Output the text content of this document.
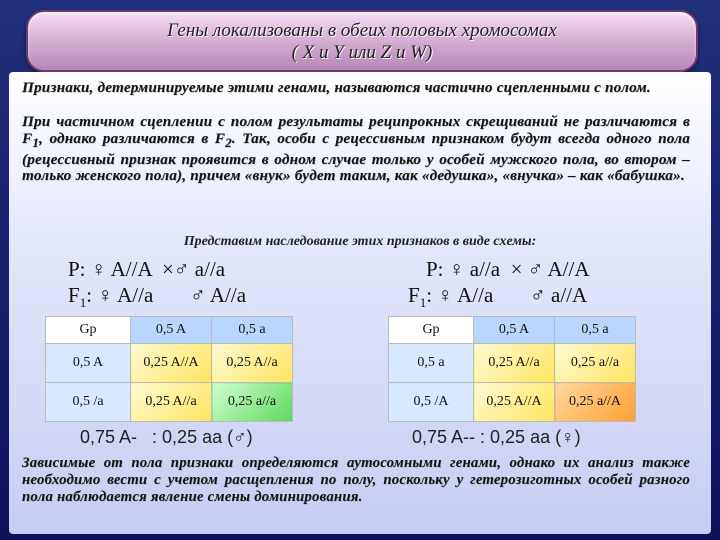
Гены локализованы в обеих половых хромосомах
( X и Y или Z и W)
Признаки, детерминируемые этими генами, называются частично сцепленными с полом.
При частичном сцеплении с полом результаты реципрокных скрещиваний не различаются в $F_1$, однако различаются в $F_2$. Так, особи с рецессивным признаком будут всегда одного пола (рецессивный признак проявится в одном случае только у особей мужского пола, во втором – только женского пола), причем «внук» будет таким, как «дедушка», «внучка» – как «бабушка».
Представим наследование этих признаков в виде схемы:
P: ♀ A//A  ×♂ a//a
$F_1$: ♀ A//a       ♂ A//a
P: ♀ a//a  × ♂ A//A
$F_1$: ♀ A//a       ♂ a//A
Gp	0,5 A	0,5 a
0,5 A	0,25 A//A	0,25 A//a
0,5 /a	0,25 A//a	0,25 a//a
Gp	0,5 A	0,5 a
0,5 a	0,25 A//a	0,25 a//a
0,5 /A	0,25 A//A	0,25 a//A
0,75 A-   : 0,25 aa (♂)	0,75 A-- : 0,25 aa (♀)
Зависимые от пола признаки определяются аутосомными генами, однако их анализ также необходимо вести с учетом расщепления по полу, поскольку у гетерозиготных особей разного пола наблюдается явление смены доминирования.
